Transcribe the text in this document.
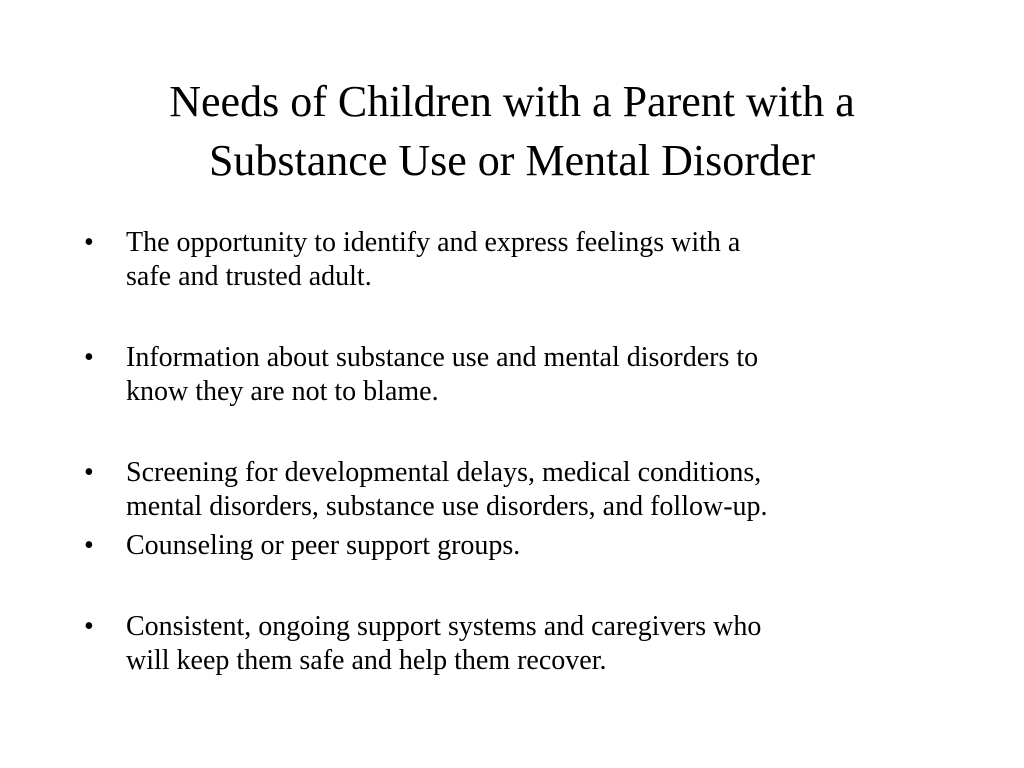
Needs of Children with a Parent with a
Substance Use or Mental Disorder
•	The opportunity to identify and express feelings with a
safe and trusted adult.
•	Information about substance use and mental disorders to
know they are not to blame.
•	Screening for developmental delays, medical conditions,
mental disorders, substance use disorders, and follow-up.
•	Counseling or peer support groups.
•	Consistent, ongoing support systems and caregivers who
will keep them safe and help them recover.
